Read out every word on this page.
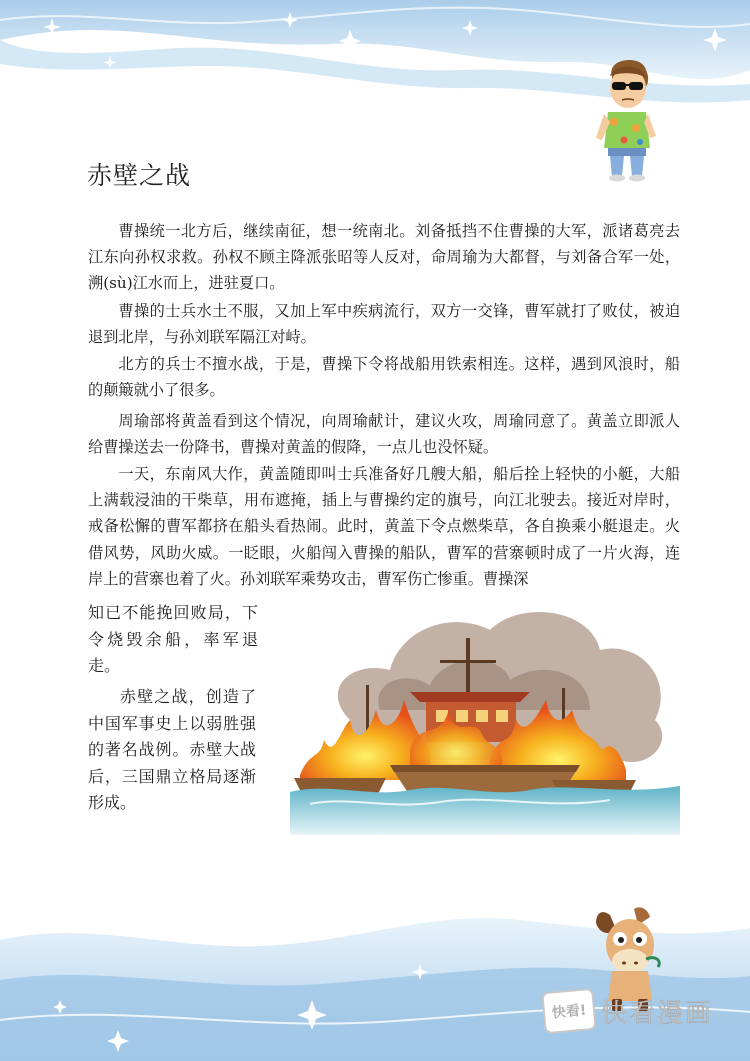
赤壁之战

曹操统一北方后，继续南征，想一统南北。刘备抵挡不住曹操的大军，派诸葛亮去江东向孙权求救。孙权不顾主降派张昭等人反对，命周瑜为大都督，与刘备合军一处，溯(sù)江水而上，进驻夏口。

曹操的士兵水土不服，又加上军中疾病流行，双方一交锋，曹军就打了败仗，被迫退到北岸，与孙刘联军隔江对峙。

北方的兵士不擅水战，于是，曹操下令将战船用铁索相连。这样，遇到风浪时，船的颠簸就小了很多。

周瑜部将黄盖看到这个情况，向周瑜献计，建议火攻，周瑜同意了。黄盖立即派人给曹操送去一份降书，曹操对黄盖的假降，一点儿也没怀疑。

一天，东南风大作，黄盖随即叫士兵准备好几艘大船，船后拴上轻快的小艇，大船上满载浸油的干柴草，用布遮掩，插上与曹操约定的旗号，向江北驶去。接近对岸时，戒备松懈的曹军都挤在船头看热闹。此时，黄盖下令点燃柴草，各自换乘小艇退走。火借风势，风助火威。一眨眼，火船闯入曹操的船队，曹军的营寨顿时成了一片火海，连岸上的营寨也着了火。孙刘联军乘势攻击，曹军伤亡惨重。曹操深

知已不能挽回败局，下令烧毁余船，率军退走。

赤壁之战，创造了中国军事史上以弱胜强的著名战例。赤壁大战后，三国鼎立格局逐渐形成。

快看! 快看漫画
